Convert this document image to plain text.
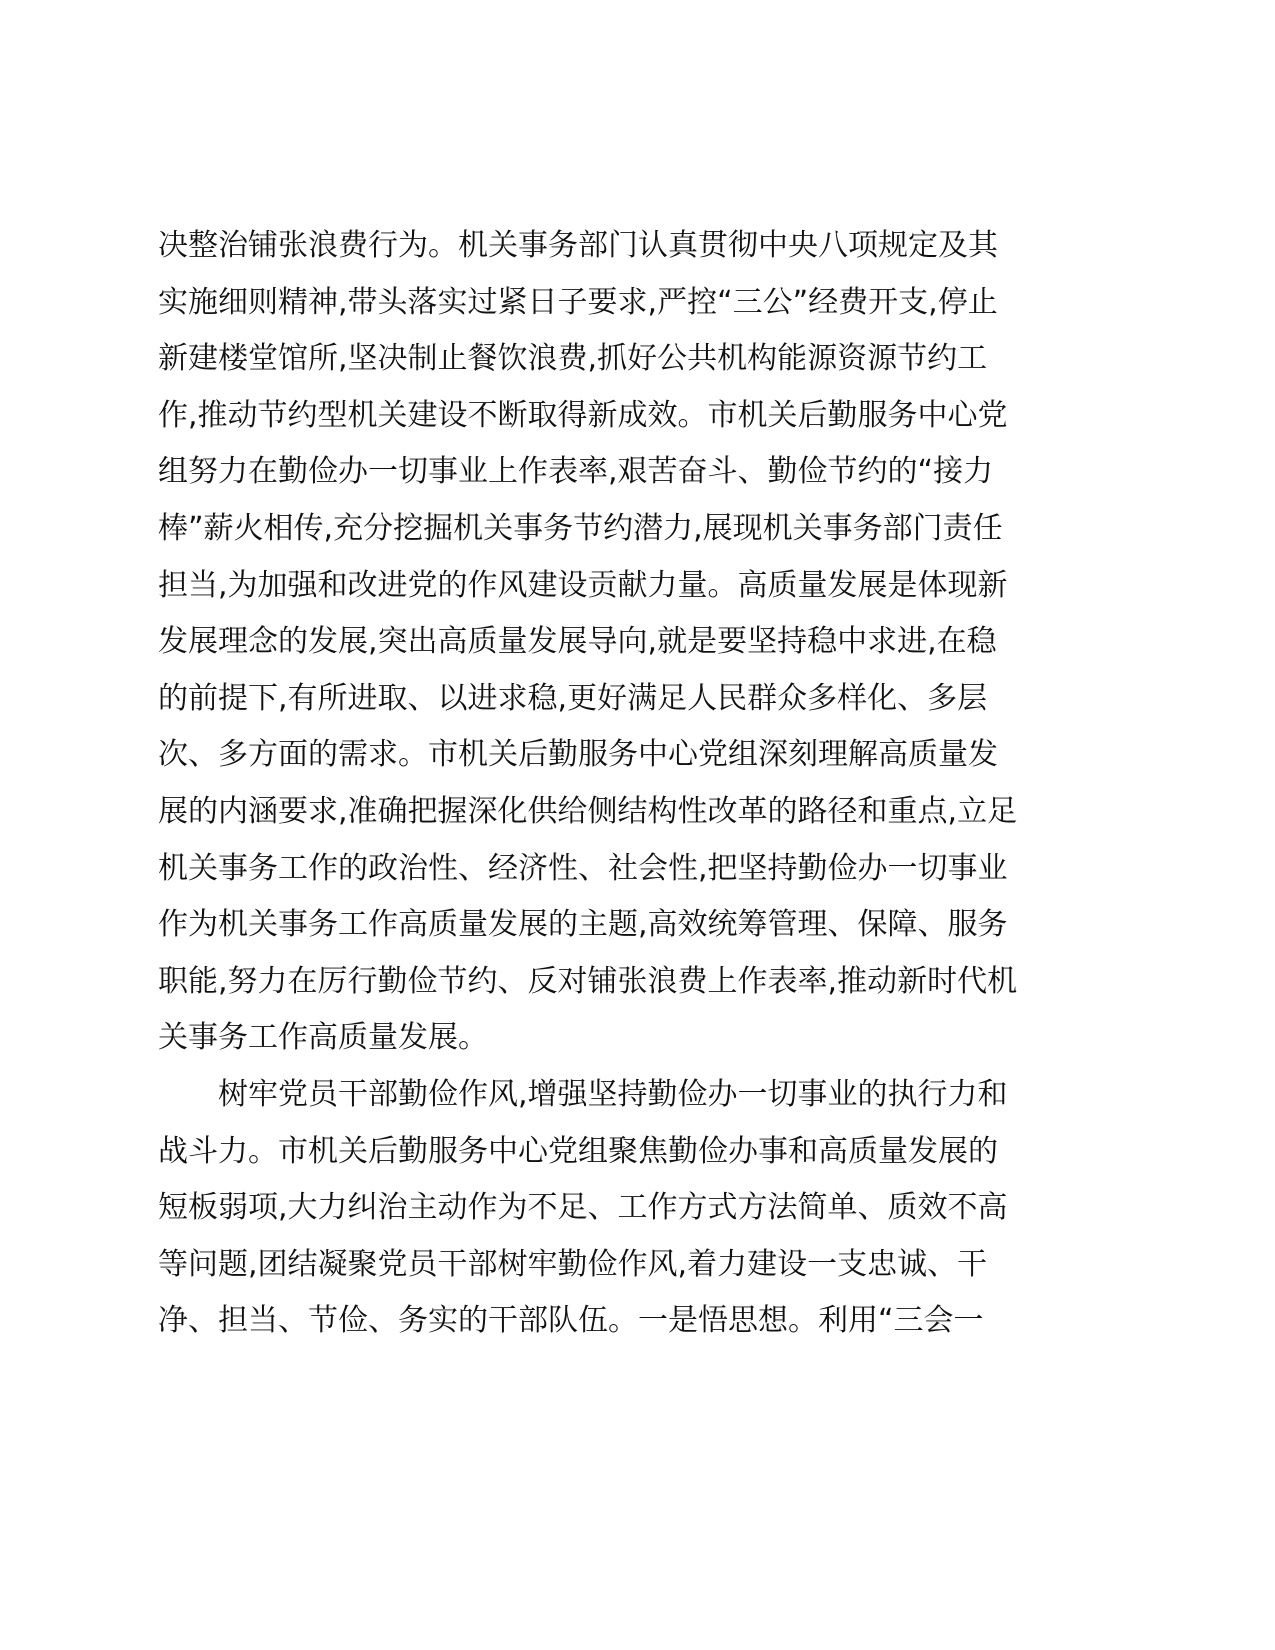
决整治铺张浪费行为。机关事务部门认真贯彻中央八项规定及其
实施细则精神,带头落实过紧日子要求,严控“三公”经费开支,停止
新建楼堂馆所,坚决制止餐饮浪费,抓好公共机构能源资源节约工
作,推动节约型机关建设不断取得新成效。市机关后勤服务中心党
组努力在勤俭办一切事业上作表率,艰苦奋斗、勤俭节约的“接力
棒”薪火相传,充分挖掘机关事务节约潜力,展现机关事务部门责任
担当,为加强和改进党的作风建设贡献力量。高质量发展是体现新
发展理念的发展,突出高质量发展导向,就是要坚持稳中求进,在稳
的前提下,有所进取、以进求稳,更好满足人民群众多样化、多层
次、多方面的需求。市机关后勤服务中心党组深刻理解高质量发
展的内涵要求,准确把握深化供给侧结构性改革的路径和重点,立足
机关事务工作的政治性、经济性、社会性,把坚持勤俭办一切事业
作为机关事务工作高质量发展的主题,高效统筹管理、保障、服务
职能,努力在厉行勤俭节约、反对铺张浪费上作表率,推动新时代机
关事务工作高质量发展。
树牢党员干部勤俭作风,增强坚持勤俭办一切事业的执行力和
战斗力。市机关后勤服务中心党组聚焦勤俭办事和高质量发展的
短板弱项,大力纠治主动作为不足、工作方式方法简单、质效不高
等问题,团结凝聚党员干部树牢勤俭作风,着力建设一支忠诚、干
净、担当、节俭、务实的干部队伍。一是悟思想。利用“三会一
